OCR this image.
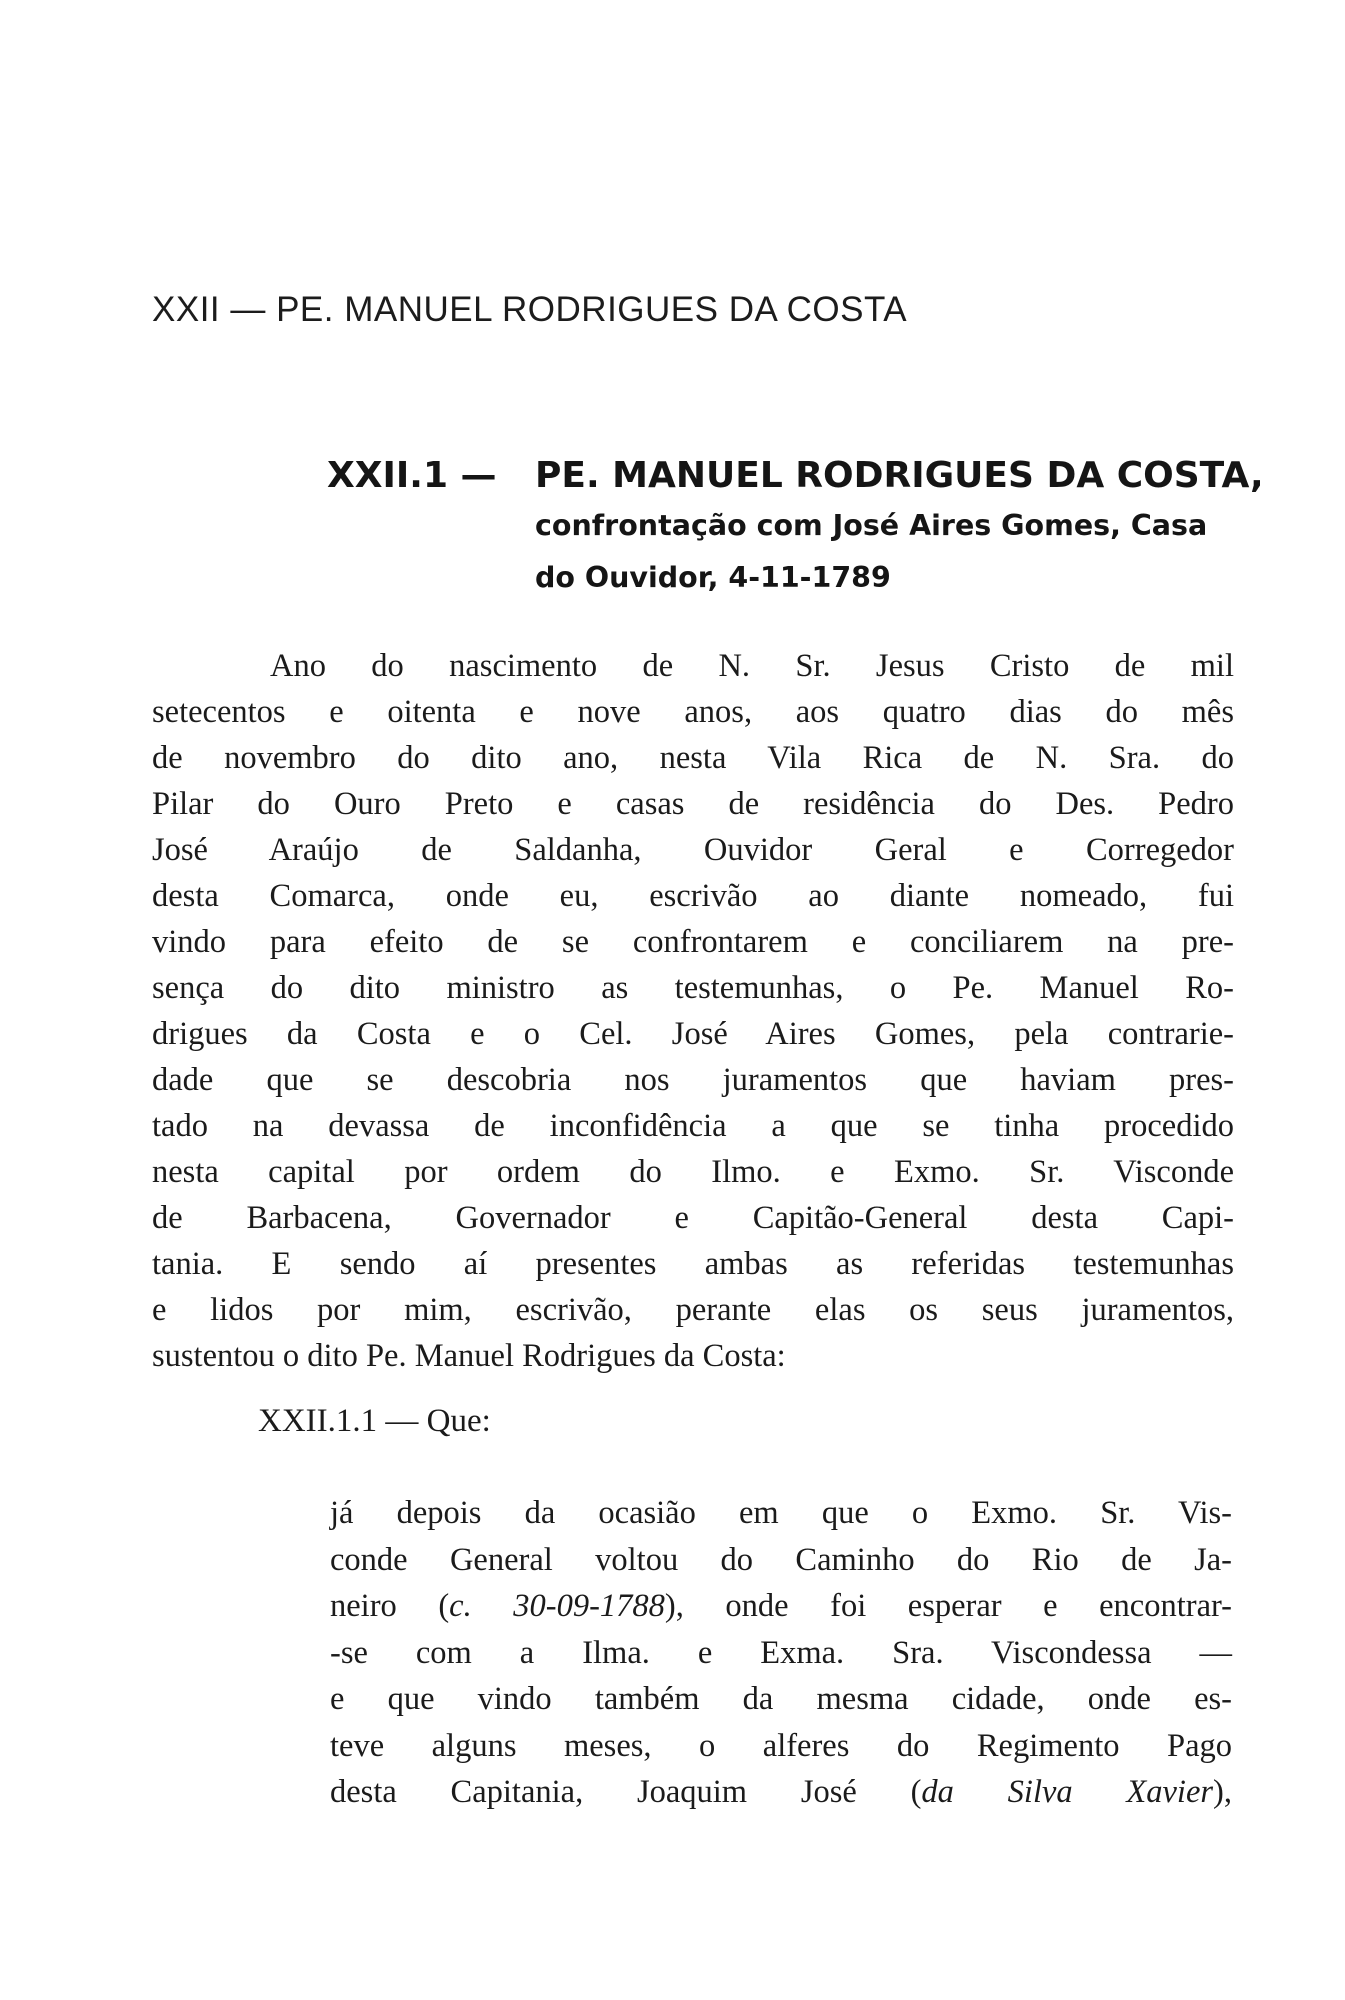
XXII — PE. MANUEL RODRIGUES DA COSTA
XXII.1 — PE. MANUEL RODRIGUES DA COSTA,
confrontação com José Aires Gomes, Casa
do Ouvidor, 4-11-1789
Ano do nascimento de N. Sr. Jesus Cristo de mil
setecentos e oitenta e nove anos, aos quatro dias do mês
de novembro do dito ano, nesta Vila Rica de N. Sra. do
Pilar do Ouro Preto e casas de residência do Des. Pedro
José Araújo de Saldanha, Ouvidor Geral e Corregedor
desta Comarca, onde eu, escrivão ao diante nomeado, fui
vindo para efeito de se confrontarem e conciliarem na pre-
sença do dito ministro as testemunhas, o Pe. Manuel Ro-
drigues da Costa e o Cel. José Aires Gomes, pela contrarie-
dade que se descobria nos juramentos que haviam pres-
tado na devassa de inconfidência a que se tinha procedido
nesta capital por ordem do Ilmo. e Exmo. Sr. Visconde
de Barbacena, Governador e Capitão-General desta Capi-
tania. E sendo aí presentes ambas as referidas testemunhas
e lidos por mim, escrivão, perante elas os seus juramentos,
sustentou o dito Pe. Manuel Rodrigues da Costa:
XXII.1.1 — Que:
já depois da ocasião em que o Exmo. Sr. Vis-
conde General voltou do Caminho do Rio de Ja-
neiro (c. 30-09-1788), onde foi esperar e encontrar-
-se com a Ilma. e Exma. Sra. Viscondessa —
e que vindo também da mesma cidade, onde es-
teve alguns meses, o alferes do Regimento Pago
desta Capitania, Joaquim José (da Silva Xavier),
